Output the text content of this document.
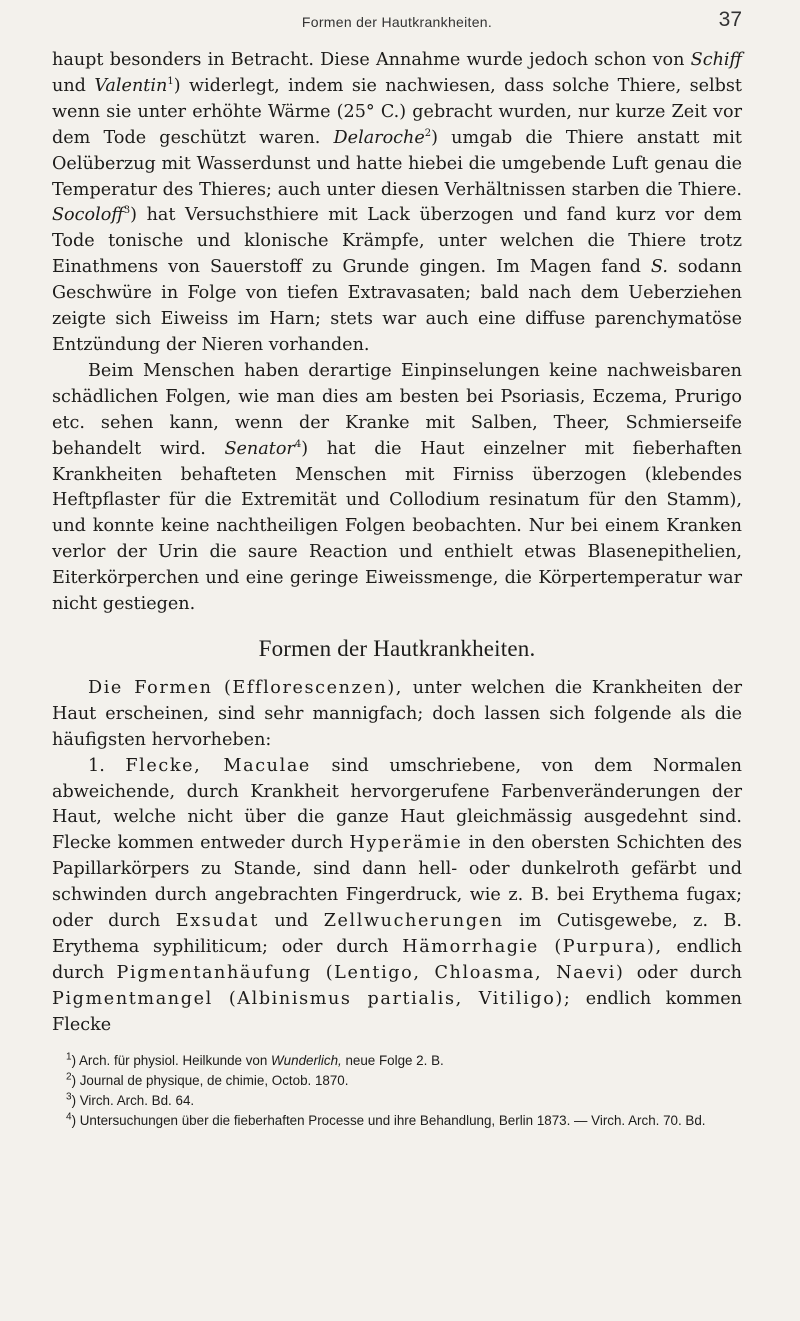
Formen der Hautkrankheiten.	37

haupt besonders in Betracht. Diese Annahme wurde jedoch schon von Schiff und Valentin$^1$) widerlegt, indem sie nachwiesen, dass solche Thiere, selbst wenn sie unter erhöhte Wärme (25° C.) gebracht wurden, nur kurze Zeit vor dem Tode geschützt waren. Delaroche$^2$) umgab die Thiere anstatt mit Oelüberzug mit Wasserdunst und hatte hiebei die umgebende Luft genau die Temperatur des Thieres; auch unter diesen Verhältnissen starben die Thiere. Socoloff$^3$) hat Versuchsthiere mit Lack überzogen und fand kurz vor dem Tode tonische und klonische Krämpfe, unter welchen die Thiere trotz Einathmens von Sauerstoff zu Grunde gingen. Im Magen fand S. sodann Geschwüre in Folge von tiefen Extravasaten; bald nach dem Ueberziehen zeigte sich Eiweiss im Harn; stets war auch eine diffuse parenchymatöse Entzündung der Nieren vorhanden.

Beim Menschen haben derartige Einpinselungen keine nachweisbaren schädlichen Folgen, wie man dies am besten bei Psoriasis, Eczema, Prurigo etc. sehen kann, wenn der Kranke mit Salben, Theer, Schmierseife behandelt wird. Senator$^4$) hat die Haut einzelner mit fieberhaften Krankheiten behafteten Menschen mit Firniss überzogen (klebendes Heftpflaster für die Extremität und Collodium resinatum für den Stamm), und konnte keine nachtheiligen Folgen beobachten. Nur bei einem Kranken verlor der Urin die saure Reaction und enthielt etwas Blasenepithelien, Eiterkörperchen und eine geringe Eiweissmenge, die Körpertemperatur war nicht gestiegen.

Formen der Hautkrankheiten.

Die Formen (Efflorescenzen), unter welchen die Krankheiten der Haut erscheinen, sind sehr mannigfach; doch lassen sich folgende als die häufigsten hervorheben:

1. Flecke, Maculae sind umschriebene, von dem Normalen abweichende, durch Krankheit hervorgerufene Farbenveränderungen der Haut, welche nicht über die ganze Haut gleichmässig ausgedehnt sind. Flecke kommen entweder durch Hyperämie in den obersten Schichten des Papillarkörpers zu Stande, sind dann hell- oder dunkelroth gefärbt und schwinden durch angebrachten Fingerdruck, wie z. B. bei Erythema fugax; oder durch Exsudat und Zellwucherungen im Cutisgewebe, z. B. Erythema syphiliticum; oder durch Hämorrhagie (Purpura), endlich durch Pigmentanhäufung (Lentigo, Chloasma, Naevi) oder durch Pigmentmangel (Albinismus partialis, Vitiligo); endlich kommen Flecke

$^1$) Arch. für physiol. Heilkunde von Wunderlich, neue Folge 2. B.
$^2$) Journal de physique, de chimie, Octob. 1870.
$^3$) Virch. Arch. Bd. 64.
$^4$) Untersuchungen über die fieberhaften Processe und ihre Behandlung, Berlin 1873. — Virch. Arch. 70. Bd.
